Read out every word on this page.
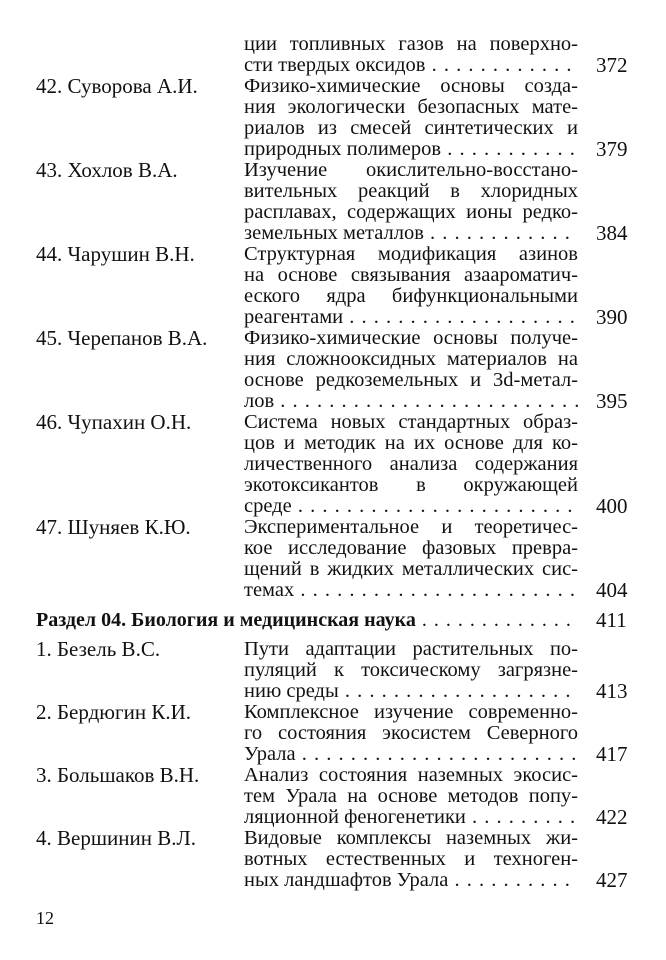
ции топливных газов на поверхно-
сти твердых оксидов . . .	372
42. Суворова А.И.	Физико-химические основы созда-
ния экологически безопасных мате-
риалов из смесей синтетических и
природных полимеров . . .	379
43. Хохлов В.А.	Изучение окислительно-восстано-
вительных реакций в хлоридных
расплавах, содержащих ионы редко-
земельных металлов . . .	384
44. Чарушин В.Н.	Структурная модификация азинов
на основе связывания азаароматич-
еского ядра бифункциональными
реагентами . . .	390
45. Черепанов В.А.	Физико-химические основы получе-
ния сложнооксидных материалов на
основе редкоземельных и 3d-метал-
лов . . .	395
46. Чупахин О.Н.	Система новых стандартных образ-
цов и методик на их основе для ко-
личественного анализа содержания
экотоксикантов в окружающей
среде . . .	400
47. Шуняев К.Ю.	Экспериментальное и теоретичес-
кое исследование фазовых превра-
щений в жидких металлических сис-
темах . . .	404
Раздел 04. Биология и медицинская наука . . .	411
1. Безель В.С.	Пути адаптации растительных по-
пуляций к токсическому загрязне-
нию среды . . .	413
2. Бердюгин К.И.	Комплексное изучение современно-
го состояния экосистем Северного
Урала . . .	417
3. Большаков В.Н.	Анализ состояния наземных экосис-
тем Урала на основе методов попу-
ляционной феногенетики . . .	422
4. Вершинин В.Л.	Видовые комплексы наземных жи-
вотных естественных и техноген-
ных ландшафтов Урала . . .	427
12
